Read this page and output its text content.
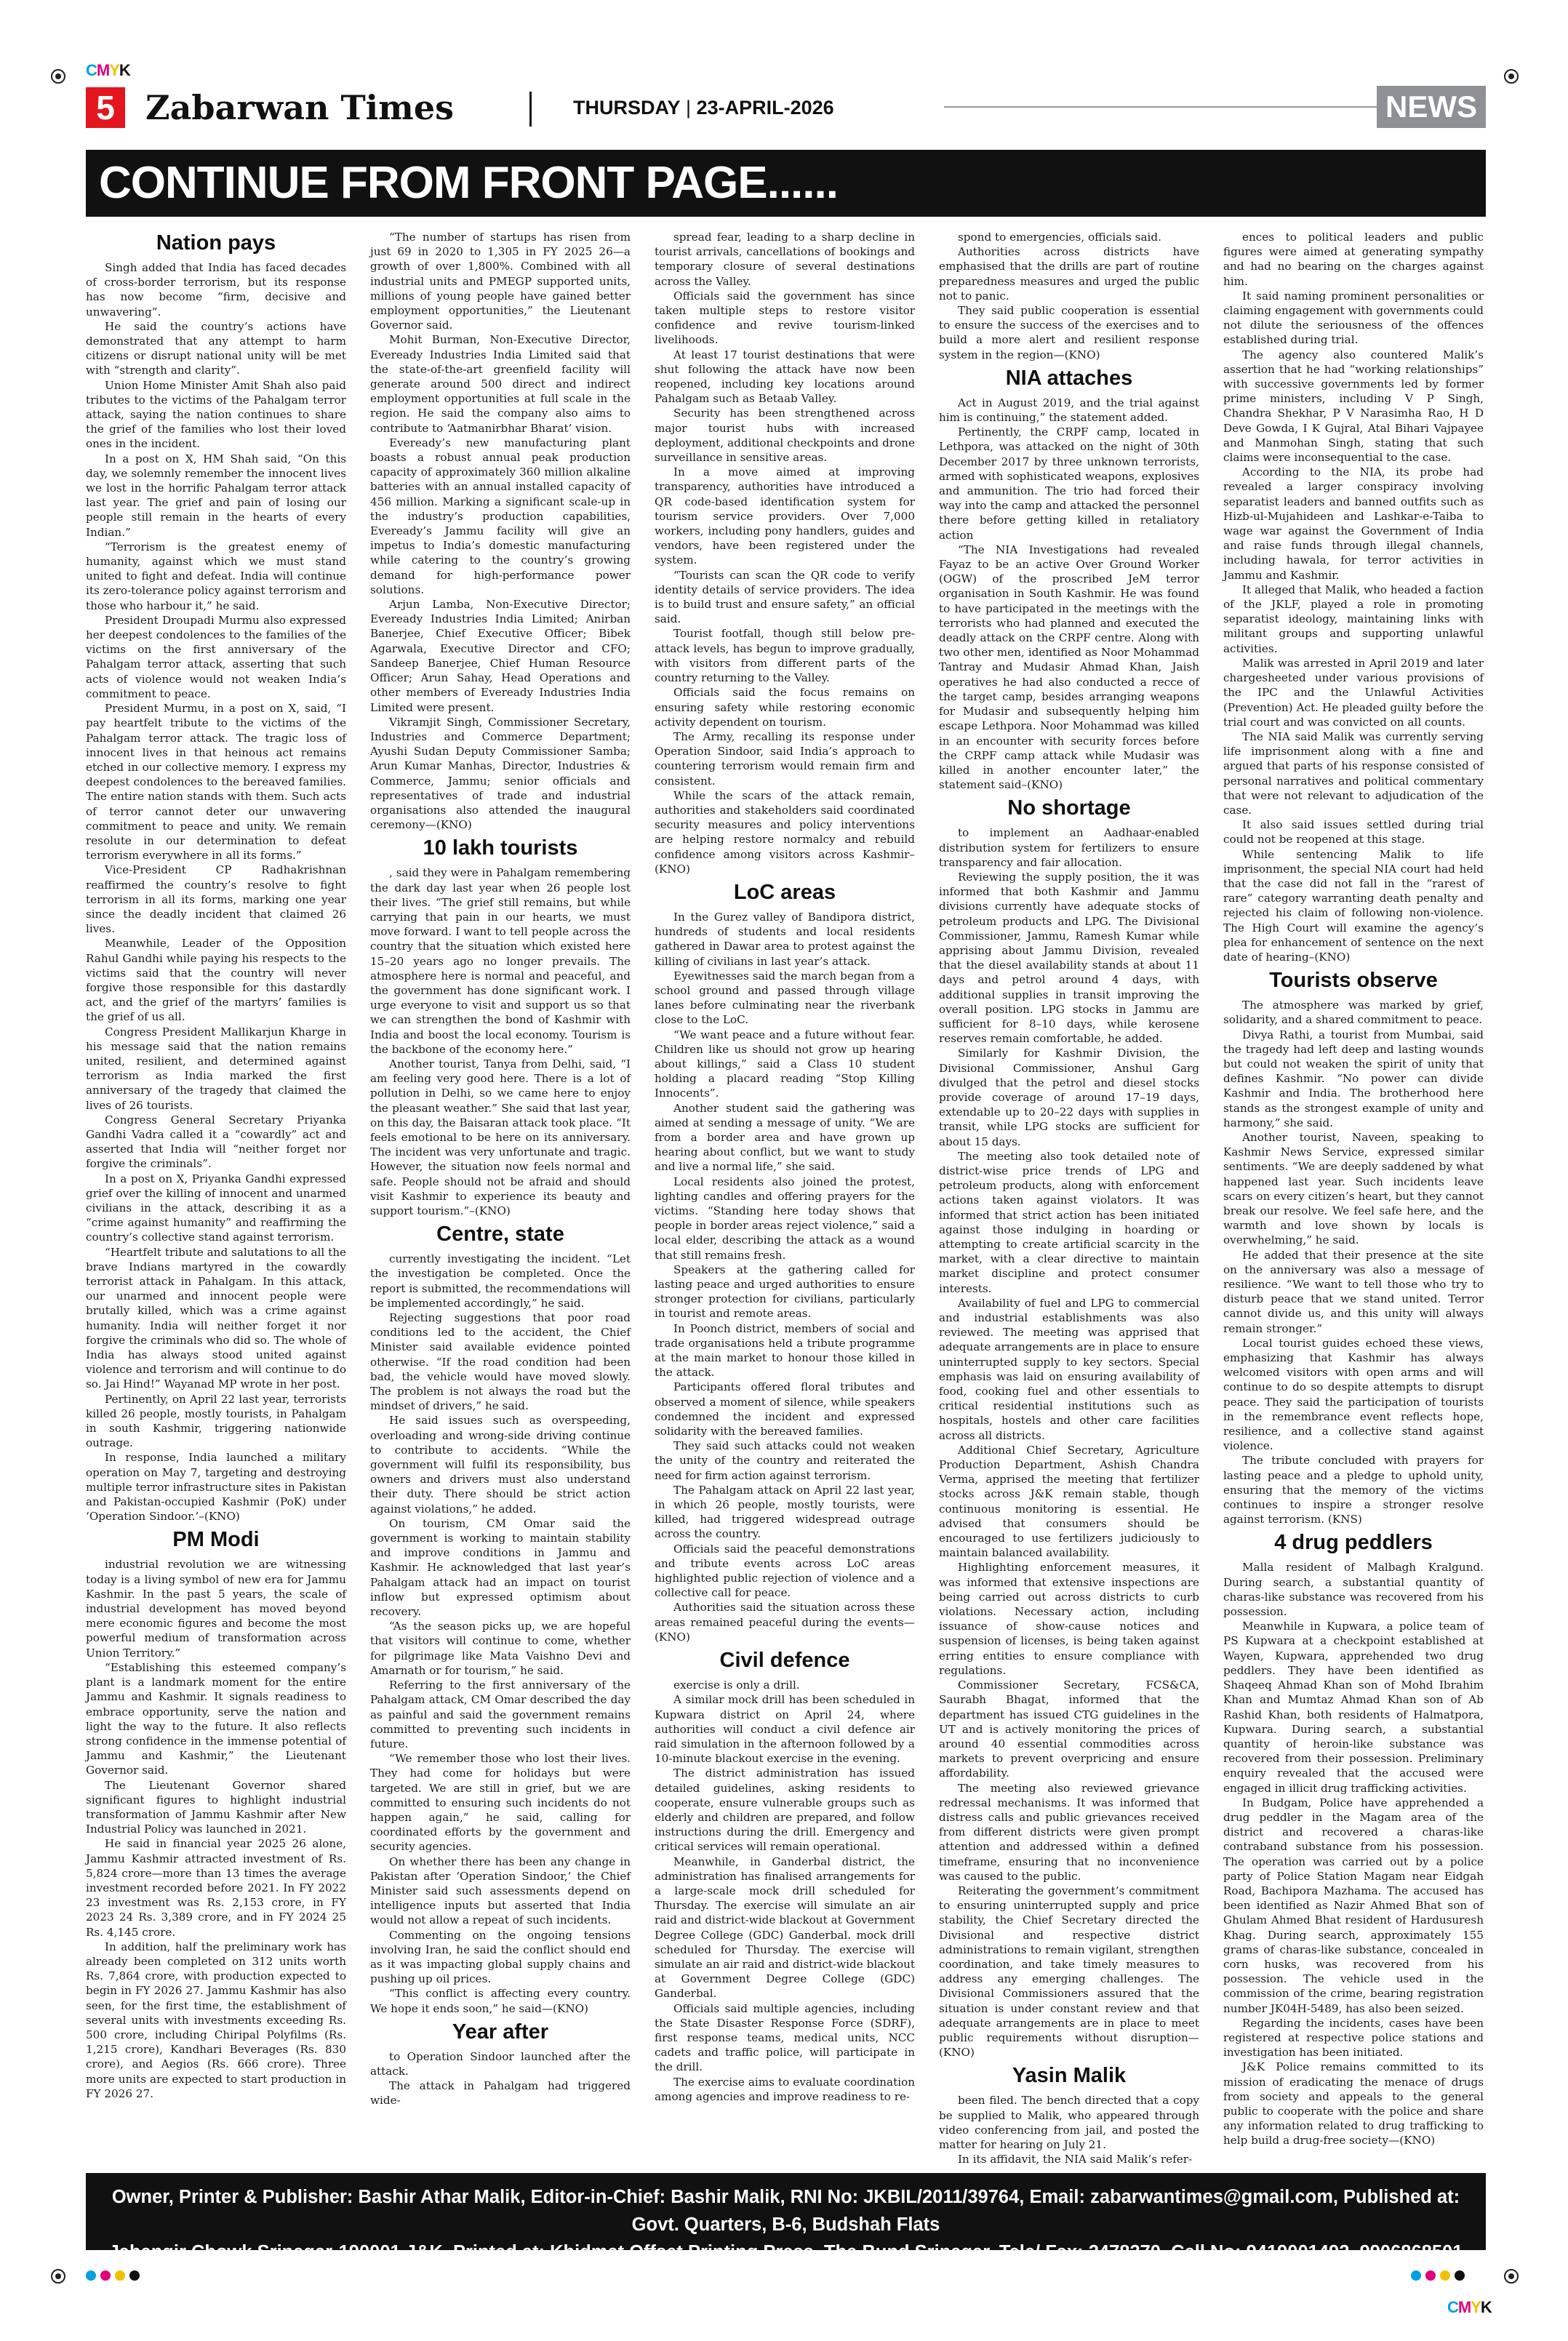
CMYK
CMYK
5 Zabarwan Times	THURSDAY | 23-APRIL-2026	NEWS
CONTINUE FROM FRONT PAGE......
Nation pays

Singh added that India has faced decades of cross-border terrorism, but its response has now become “firm, decisive and unwavering”.

He said the country’s actions have demonstrated that any attempt to harm citizens or disrupt national unity will be met with “strength and clarity”.

Union Home Minister Amit Shah also paid tributes to the victims of the Pahalgam terror attack, saying the nation continues to share the grief of the families who lost their loved ones in the incident.

In a post on X, HM Shah said, “On this day, we solemnly remember the innocent lives we lost in the horrific Pahalgam terror attack last year. The grief and pain of losing our people still remain in the hearts of every Indian.”

“Terrorism is the greatest enemy of humanity, against which we must stand united to fight and defeat. India will continue its zero-tolerance policy against terrorism and those who harbour it,” he said.

President Droupadi Murmu also expressed her deepest condolences to the families of the victims on the first anniversary of the Pahalgam terror attack, asserting that such acts of violence would not weaken India’s commitment to peace.

President Murmu, in a post on X, said, “I pay heartfelt tribute to the victims of the Pahalgam terror attack. The tragic loss of innocent lives in that heinous act remains etched in our collective memory. I express my deepest condolences to the bereaved families. The entire nation stands with them. Such acts of terror cannot deter our unwavering commitment to peace and unity. We remain resolute in our determination to defeat terrorism everywhere in all its forms.”

Vice-President CP Radhakrishnan reaffirmed the country’s resolve to fight terrorism in all its forms, marking one year since the deadly incident that claimed 26 lives.

Meanwhile, Leader of the Opposition Rahul Gandhi while paying his respects to the victims said that the country will never forgive those responsible for this dastardly act, and the grief of the martyrs’ families is the grief of us all.

Congress President Mallikarjun Kharge in his message said that the nation remains united, resilient, and determined against terrorism as India marked the first anniversary of the tragedy that claimed the lives of 26 tourists.

Congress General Secretary Priyanka Gandhi Vadra called it a “cowardly” act and asserted that India will “neither forget nor forgive the criminals”.

In a post on X, Priyanka Gandhi expressed grief over the killing of innocent and unarmed civilians in the attack, describing it as a “crime against humanity” and reaffirming the country’s collective stand against terrorism.

“Heartfelt tribute and salutations to all the brave Indians martyred in the cowardly terrorist attack in Pahalgam. In this attack, our unarmed and innocent people were brutally killed, which was a crime against humanity. India will neither forget it nor forgive the criminals who did so. The whole of India has always stood united against violence and terrorism and will continue to do so. Jai Hind!” Wayanad MP wrote in her post.

Pertinently, on April 22 last year, terrorists killed 26 people, mostly tourists, in Pahalgam in south Kashmir, triggering nationwide outrage.

In response, India launched a military operation on May 7, targeting and destroying multiple terror infrastructure sites in Pakistan and Pakistan-occupied Kashmir (PoK) under ‘Operation Sindoor.’–(KNO)

PM Modi

industrial revolution we are witnessing today is a living symbol of new era for Jammu Kashmir. In the past 5 years, the scale of industrial development has moved beyond mere economic figures and become the most powerful medium of transformation across Union Territory.”

“Establishing this esteemed company’s plant is a landmark moment for the entire Jammu and Kashmir. It signals readiness to embrace opportunity, serve the nation and light the way to the future. It also reflects strong confidence in the immense potential of Jammu and Kashmir,” the Lieutenant Governor said.

The Lieutenant Governor shared significant figures to highlight industrial transformation of Jammu Kashmir after New Industrial Policy was launched in 2021.

He said in financial year 2025 26 alone, Jammu Kashmir attracted investment of Rs. 5,824 crore—more than 13 times the average investment recorded before 2021. In FY 2022 23 investment was Rs. 2,153 crore, in FY 2023 24 Rs. 3,389 crore, and in FY 2024 25 Rs. 4,145 crore.

In addition, half the preliminary work has already been completed on 312 units worth Rs. 7,864 crore, with production expected to begin in FY 2026 27. Jammu Kashmir has also seen, for the first time, the establishment of several units with investments exceeding Rs. 500 crore, including Chiripal Polyfilms (Rs. 1,215 crore), Kandhari Beverages (Rs. 830 crore), and Aegios (Rs. 666 crore). Three more units are expected to start production in FY 2026 27.

“The number of startups has risen from just 69 in 2020 to 1,305 in FY 2025 26—a growth of over 1,800%. Combined with all industrial units and PMEGP supported units, millions of young people have gained better employment opportunities,” the Lieutenant Governor said.

Mohit Burman, Non-Executive Director, Eveready Industries India Limited said that the state-of-the-art greenfield facility will generate around 500 direct and indirect employment opportunities at full scale in the region. He said the company also aims to contribute to ‘Aatmanirbhar Bharat’ vision.

Eveready’s new manufacturing plant boasts a robust annual peak production capacity of approximately 360 million alkaline batteries with an annual installed capacity of 456 million. Marking a significant scale-up in the industry’s production capabilities, Eveready’s Jammu facility will give an impetus to India’s domestic manufacturing while catering to the country’s growing demand for high-performance power solutions.

Arjun Lamba, Non-Executive Director; Eveready Industries India Limited; Anirban Banerjee, Chief Executive Officer; Bibek Agarwala, Executive Director and CFO; Sandeep Banerjee, Chief Human Resource Officer; Arun Sahay, Head Operations and other members of Eveready Industries India Limited were present.

Vikramjit Singh, Commissioner Secretary, Industries and Commerce Department; Ayushi Sudan Deputy Commissioner Samba; Arun Kumar Manhas, Director, Industries & Commerce, Jammu; senior officials and representatives of trade and industrial organisations also attended the inaugural ceremony—(KNO)

10 lakh tourists

, said they were in Pahalgam remembering the dark day last year when 26 people lost their lives. “The grief still remains, but while carrying that pain in our hearts, we must move forward. I want to tell people across the country that the situation which existed here 15–20 years ago no longer prevails. The atmosphere here is normal and peaceful, and the government has done significant work. I urge everyone to visit and support us so that we can strengthen the bond of Kashmir with India and boost the local economy. Tourism is the backbone of the economy here.”

Another tourist, Tanya from Delhi, said, “I am feeling very good here. There is a lot of pollution in Delhi, so we came here to enjoy the pleasant weather.” She said that last year, on this day, the Baisaran attack took place. “It feels emotional to be here on its anniversary. The incident was very unfortunate and tragic. However, the situation now feels normal and safe. People should not be afraid and should visit Kashmir to experience its beauty and support tourism.”–(KNO)

Centre, state

currently investigating the incident. “Let the investigation be completed. Once the report is submitted, the recommendations will be implemented accordingly,” he said.

Rejecting suggestions that poor road conditions led to the accident, the Chief Minister said available evidence pointed otherwise. “If the road condition had been bad, the vehicle would have moved slowly. The problem is not always the road but the mindset of drivers,” he said.

He said issues such as overspeeding, overloading and wrong-side driving continue to contribute to accidents. “While the government will fulfil its responsibility, bus owners and drivers must also understand their duty. There should be strict action against violations,” he added.

On tourism, CM Omar said the government is working to maintain stability and improve conditions in Jammu and Kashmir. He acknowledged that last year’s Pahalgam attack had an impact on tourist inflow but expressed optimism about recovery.

“As the season picks up, we are hopeful that visitors will continue to come, whether for pilgrimage like Mata Vaishno Devi and Amarnath or for tourism,” he said.

Referring to the first anniversary of the Pahalgam attack, CM Omar described the day as painful and said the government remains committed to preventing such incidents in future.

“We remember those who lost their lives. They had come for holidays but were targeted. We are still in grief, but we are committed to ensuring such incidents do not happen again,” he said, calling for coordinated efforts by the government and security agencies.

On whether there has been any change in Pakistan after ‘Operation Sindoor,’ the Chief Minister said such assessments depend on intelligence inputs but asserted that India would not allow a repeat of such incidents.

Commenting on the ongoing tensions involving Iran, he said the conflict should end as it was impacting global supply chains and pushing up oil prices.

“This conflict is affecting every country. We hope it ends soon,” he said—(KNO)

Year after

to Operation Sindoor launched after the attack.

The attack in Pahalgam had triggered wide-

spread fear, leading to a sharp decline in tourist arrivals, cancellations of bookings and temporary closure of several destinations across the Valley.

Officials said the government has since taken multiple steps to restore visitor confidence and revive tourism-linked livelihoods.

At least 17 tourist destinations that were shut following the attack have now been reopened, including key locations around Pahalgam such as Betaab Valley.

Security has been strengthened across major tourist hubs with increased deployment, additional checkpoints and drone surveillance in sensitive areas.

In a move aimed at improving transparency, authorities have introduced a QR code-based identification system for tourism service providers. Over 7,000 workers, including pony handlers, guides and vendors, have been registered under the system.

“Tourists can scan the QR code to verify identity details of service providers. The idea is to build trust and ensure safety,” an official said.

Tourist footfall, though still below pre-attack levels, has begun to improve gradually, with visitors from different parts of the country returning to the Valley.

Officials said the focus remains on ensuring safety while restoring economic activity dependent on tourism.

The Army, recalling its response under Operation Sindoor, said India’s approach to countering terrorism would remain firm and consistent.

While the scars of the attack remain, authorities and stakeholders said coordinated security measures and policy interventions are helping restore normalcy and rebuild confidence among visitors across Kashmir–(KNO)

LoC areas

In the Gurez valley of Bandipora district, hundreds of students and local residents gathered in Dawar area to protest against the killing of civilians in last year’s attack.

Eyewitnesses said the march began from a school ground and passed through village lanes before culminating near the riverbank close to the LoC.

“We want peace and a future without fear. Children like us should not grow up hearing about killings,” said a Class 10 student holding a placard reading “Stop Killing Innocents”.

Another student said the gathering was aimed at sending a message of unity. “We are from a border area and have grown up hearing about conflict, but we want to study and live a normal life,” she said.

Local residents also joined the protest, lighting candles and offering prayers for the victims. “Standing here today shows that people in border areas reject violence,” said a local elder, describing the attack as a wound that still remains fresh.

Speakers at the gathering called for lasting peace and urged authorities to ensure stronger protection for civilians, particularly in tourist and remote areas.

In Poonch district, members of social and trade organisations held a tribute programme at the main market to honour those killed in the attack.

Participants offered floral tributes and observed a moment of silence, while speakers condemned the incident and expressed solidarity with the bereaved families.

They said such attacks could not weaken the unity of the country and reiterated the need for firm action against terrorism.

The Pahalgam attack on April 22 last year, in which 26 people, mostly tourists, were killed, had triggered widespread outrage across the country.

Officials said the peaceful demonstrations and tribute events across LoC areas highlighted public rejection of violence and a collective call for peace.

Authorities said the situation across these areas remained peaceful during the events—(KNO)

Civil defence

exercise is only a drill.

A similar mock drill has been scheduled in Kupwara district on April 24, where authorities will conduct a civil defence air raid simulation in the afternoon followed by a 10-minute blackout exercise in the evening.

The district administration has issued detailed guidelines, asking residents to cooperate, ensure vulnerable groups such as elderly and children are prepared, and follow instructions during the drill. Emergency and critical services will remain operational.

Meanwhile, in Ganderbal district, the administration has finalised arrangements for a large-scale mock drill scheduled for Thursday. The exercise will simulate an air raid and district-wide blackout at Government Degree College (GDC) Ganderbal. mock drill scheduled for Thursday. The exercise will simulate an air raid and district-wide blackout at Government Degree College (GDC) Ganderbal.

Officials said multiple agencies, including the State Disaster Response Force (SDRF), first response teams, medical units, NCC cadets and traffic police, will participate in the drill.

The exercise aims to evaluate coordination among agencies and improve readiness to re-

spond to emergencies, officials said.

Authorities across districts have emphasised that the drills are part of routine preparedness measures and urged the public not to panic.

They said public cooperation is essential to ensure the success of the exercises and to build a more alert and resilient response system in the region—(KNO)

NIA attaches

Act in August 2019, and the trial against him is continuing,” the statement added.

Pertinently, the CRPF camp, located in Lethpora, was attacked on the night of 30th December 2017 by three unknown terrorists, armed with sophisticated weapons, explosives and ammunition. The trio had forced their way into the camp and attacked the personnel there before getting killed in retaliatory action

“The NIA Investigations had revealed Fayaz to be an active Over Ground Worker (OGW) of the proscribed JeM terror organisation in South Kashmir. He was found to have participated in the meetings with the terrorists who had planned and executed the deadly attack on the CRPF centre. Along with two other men, identified as Noor Mohammad Tantray and Mudasir Ahmad Khan, Jaish operatives he had also conducted a recce of the target camp, besides arranging weapons for Mudasir and subsequently helping him escape Lethpora. Noor Mohammad was killed in an encounter with security forces before the CRPF camp attack while Mudasir was killed in another encounter later,” the statement said–(KNO)

No shortage

to implement an Aadhaar-enabled distribution system for fertilizers to ensure transparency and fair allocation.

Reviewing the supply position, the it was informed that both Kashmir and Jammu divisions currently have adequate stocks of petroleum products and LPG. The Divisional Commissioner, Jammu, Ramesh Kumar while apprising about Jammu Division, revealed that the diesel availability stands at about 11 days and petrol around 4 days, with additional supplies in transit improving the overall position. LPG stocks in Jammu are sufficient for 8–10 days, while kerosene reserves remain comfortable, he added.

Similarly for Kashmir Division, the Divisional Commissioner, Anshul Garg divulged that the petrol and diesel stocks provide coverage of around 17–19 days, extendable up to 20–22 days with supplies in transit, while LPG stocks are sufficient for about 15 days.

The meeting also took detailed note of district-wise price trends of LPG and petroleum products, along with enforcement actions taken against violators. It was informed that strict action has been initiated against those indulging in hoarding or attempting to create artificial scarcity in the market, with a clear directive to maintain market discipline and protect consumer interests.

Availability of fuel and LPG to commercial and industrial establishments was also reviewed. The meeting was apprised that adequate arrangements are in place to ensure uninterrupted supply to key sectors. Special emphasis was laid on ensuring availability of food, cooking fuel and other essentials to critical residential institutions such as hospitals, hostels and other care facilities across all districts.

Additional Chief Secretary, Agriculture Production Department, Ashish Chandra Verma, apprised the meeting that fertilizer stocks across J&K remain stable, though continuous monitoring is essential. He advised that consumers should be encouraged to use fertilizers judiciously to maintain balanced availability.

Highlighting enforcement measures, it was informed that extensive inspections are being carried out across districts to curb violations. Necessary action, including issuance of show-cause notices and suspension of licenses, is being taken against erring entities to ensure compliance with regulations.

Commissioner Secretary, FCS&CA, Saurabh Bhagat, informed that the department has issued CTG guidelines in the UT and is actively monitoring the prices of around 40 essential commodities across markets to prevent overpricing and ensure affordability.

The meeting also reviewed grievance redressal mechanisms. It was informed that distress calls and public grievances received from different districts were given prompt attention and addressed within a defined timeframe, ensuring that no inconvenience was caused to the public.

Reiterating the government’s commitment to ensuring uninterrupted supply and price stability, the Chief Secretary directed the Divisional and respective district administrations to remain vigilant, strengthen coordination, and take timely measures to address any emerging challenges. The Divisional Commissioners assured that the situation is under constant review and that adequate arrangements are in place to meet public requirements without disruption—(KNO)

Yasin Malik

been filed. The bench directed that a copy be supplied to Malik, who appeared through video conferencing from jail, and posted the matter for hearing on July 21.

In its affidavit, the NIA said Malik’s refer-

ences to political leaders and public figures were aimed at generating sympathy and had no bearing on the charges against him.

It said naming prominent personalities or claiming engagement with governments could not dilute the seriousness of the offences established during trial.

The agency also countered Malik’s assertion that he had “working relationships” with successive governments led by former prime ministers, including V P Singh, Chandra Shekhar, P V Narasimha Rao, H D Deve Gowda, I K Gujral, Atal Bihari Vajpayee and Manmohan Singh, stating that such claims were inconsequential to the case.

According to the NIA, its probe had revealed a larger conspiracy involving separatist leaders and banned outfits such as Hizb-ul-Mujahideen and Lashkar-e-Taiba to wage war against the Government of India and raise funds through illegal channels, including hawala, for terror activities in Jammu and Kashmir.

It alleged that Malik, who headed a faction of the JKLF, played a role in promoting separatist ideology, maintaining links with militant groups and supporting unlawful activities.

Malik was arrested in April 2019 and later chargesheeted under various provisions of the IPC and the Unlawful Activities (Prevention) Act. He pleaded guilty before the trial court and was convicted on all counts.

The NIA said Malik was currently serving life imprisonment along with a fine and argued that parts of his response consisted of personal narratives and political commentary that were not relevant to adjudication of the case.

It also said issues settled during trial could not be reopened at this stage.

While sentencing Malik to life imprisonment, the special NIA court had held that the case did not fall in the “rarest of rare” category warranting death penalty and rejected his claim of following non-violence. The High Court will examine the agency’s plea for enhancement of sentence on the next date of hearing–(KNO)

Tourists observe

The atmosphere was marked by grief, solidarity, and a shared commitment to peace.

Divya Rathi, a tourist from Mumbai, said the tragedy had left deep and lasting wounds but could not weaken the spirit of unity that defines Kashmir. “No power can divide Kashmir and India. The brotherhood here stands as the strongest example of unity and harmony,” she said.

Another tourist, Naveen, speaking to Kashmir News Service, expressed similar sentiments. “We are deeply saddened by what happened last year. Such incidents leave scars on every citizen’s heart, but they cannot break our resolve. We feel safe here, and the warmth and love shown by locals is overwhelming,” he said.

He added that their presence at the site on the anniversary was also a message of resilience. “We want to tell those who try to disturb peace that we stand united. Terror cannot divide us, and this unity will always remain stronger.”

Local tourist guides echoed these views, emphasizing that Kashmir has always welcomed visitors with open arms and will continue to do so despite attempts to disrupt peace. They said the participation of tourists in the remembrance event reflects hope, resilience, and a collective stand against violence.

The tribute concluded with prayers for lasting peace and a pledge to uphold unity, ensuring that the memory of the victims continues to inspire a stronger resolve against terrorism. (KNS)

4 drug peddlers

Malla resident of Malbagh Kralgund. During search, a substantial quantity of charas-like substance was recovered from his possession.

Meanwhile in Kupwara, a police team of PS Kupwara at a checkpoint established at Wayen, Kupwara, apprehended two drug peddlers. They have been identified as Shaqeeq Ahmad Khan son of Mohd Ibrahim Khan and Mumtaz Ahmad Khan son of Ab Rashid Khan, both residents of Halmatpora, Kupwara. During search, a substantial quantity of heroin-like substance was recovered from their possession. Preliminary enquiry revealed that the accused were engaged in illicit drug trafficking activities.

In Budgam, Police have apprehended a drug peddler in the Magam area of the district and recovered a charas-like contraband substance from his possession. The operation was carried out by a police party of Police Station Magam near Eidgah Road, Bachipora Mazhama. The accused has been identified as Nazir Ahmed Bhat son of Ghulam Ahmed Bhat resident of Hardusuresh Khag. During search, approximately 155 grams of charas-like substance, concealed in corn husks, was recovered from his possession. The vehicle used in the commission of the crime, bearing registration number JK04H-5489, has also been seized.

Regarding the incidents, cases have been registered at respective police stations and investigation has been initiated.

J&K Police remains committed to its mission of eradicating the menace of drugs from society and appeals to the general public to cooperate with the police and share any information related to drug trafficking to help build a drug-free society—(KNO)

Owner, Printer & Publisher: Bashir Athar Malik, Editor-in-Chief: Bashir Malik, RNI No: JKBIL/2011/39764, Email: zabarwantimes@gmail.com, Published at: Govt. Quarters, B-6, Budshah Flats
Jahangir Chowk Srinagar-190001 J&K, Printed at: Khidmat Offset Printing Press, The Bund Srinagar, Tele/ Fax: 2478370, Cell No: 9419001492, 9906868501
